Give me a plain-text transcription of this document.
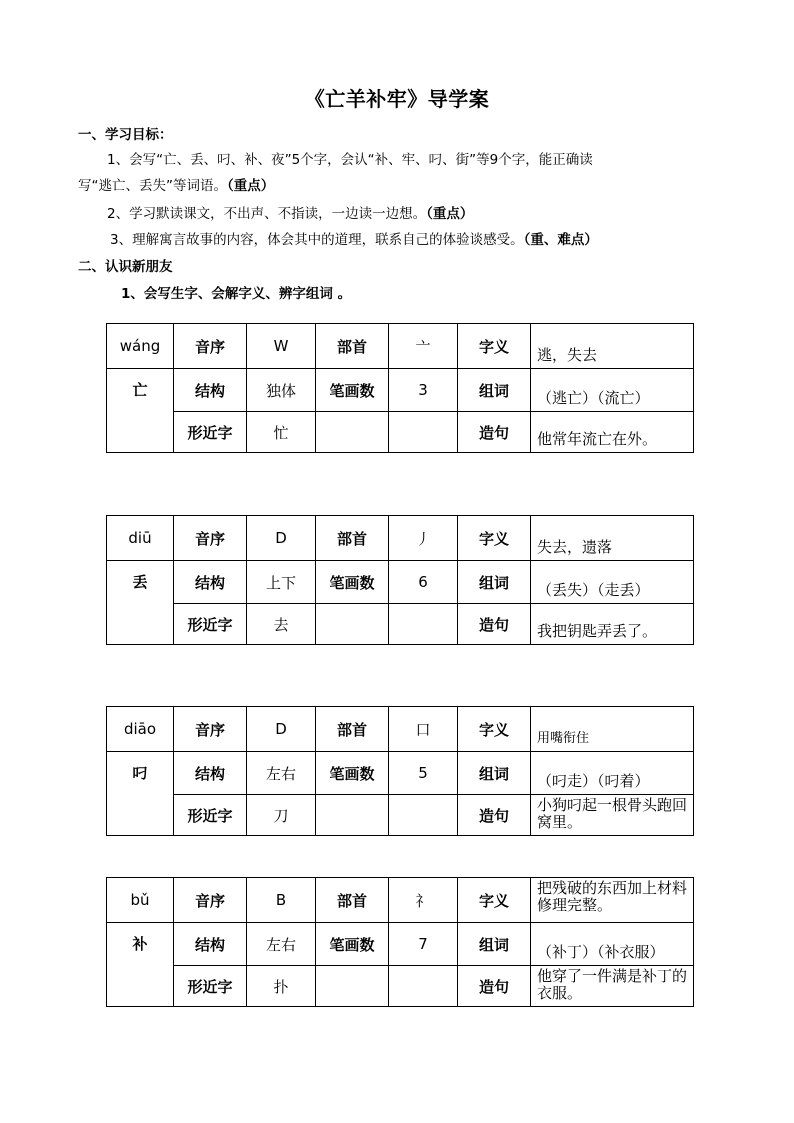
《亡羊补牢》导学案
一、学习目标：
1、会写“亡、丢、叼、补、夜”5个字，会认“补、牢、叼、街”等9个字，能正确读
写“逃亡、丢失”等词语。（重点）
2、学习默读课文，不出声、不指读，一边读一边想。（重点）
3、理解寓言故事的内容，体会其中的道理，联系自己的体验谈感受。（重、难点）
二、认识新朋友
1、会写生字、会解字义、辨字组词 。
wáng	音序	W	部首	亠	字义	逃，失去
亡	结构	独体	笔画数	3	组词	（逃亡）（流亡）
	形近字	忙			造句	他常年流亡在外。
diū	音序	D	部首	丿	字义	失去，遗落
丢	结构	上下	笔画数	6	组词	（丢失）（走丢）
	形近字	去			造句	我把钥匙弄丢了。
diāo	音序	D	部首	口	字义	用嘴衔住
叼	结构	左右	笔画数	5	组词	（叼走）（叼着）
	形近字	刀			造句	小狗叼起一根骨头跑回窝里。
bǔ	音序	B	部首	礻	字义	把残破的东西加上材料修理完整。
补	结构	左右	笔画数	7	组词	（补丁）（补衣服）
	形近字	扑			造句	他穿了一件满是补丁的衣服。
